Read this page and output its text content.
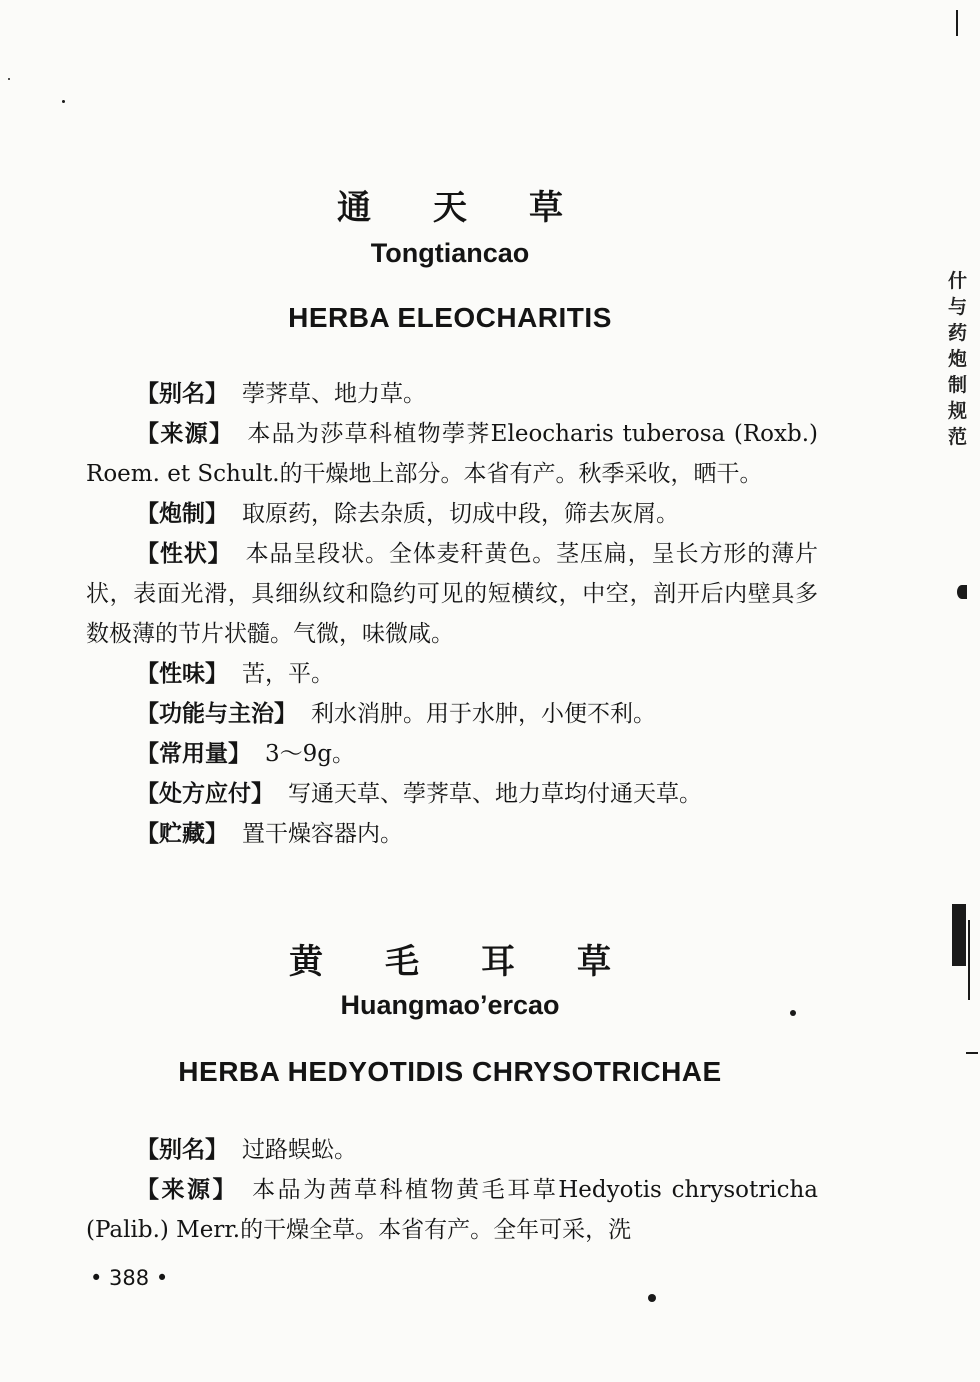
通天草
Tongtiancao
HERBA ELEOCHARITIS

【别名】 荸荠草、地力草。

【来源】 本品为莎草科植物荸荠Eleocharis tuberosa (Roxb.) Roem. et Schult.的干燥地上部分。本省有产。秋季采收，晒干。

【炮制】 取原药，除去杂质，切成中段，筛去灰屑。

【性状】 本品呈段状。全体麦秆黄色。茎压扁，呈长方形的薄片状，表面光滑，具细纵纹和隐约可见的短横纹，中空，剖开后内壁具多数极薄的节片状髓。气微，味微咸。

【性味】 苦，平。

【功能与主治】 利水消肿。用于水肿，小便不利。

【常用量】 3～9g。

【处方应付】 写通天草、荸荠草、地力草均付通天草。

【贮藏】 置干燥容器内。

黄毛耳草
Huangmao’ercao
HERBA HEDYOTIDIS CHRYSOTRICHAE

【别名】 过路蜈蚣。

【来源】 本品为茜草科植物黄毛耳草Hedyotis chrysotricha (Palib.) Merr.的干燥全草。本省有产。全年可采，洗

• 388 •
什与药炮制规范
